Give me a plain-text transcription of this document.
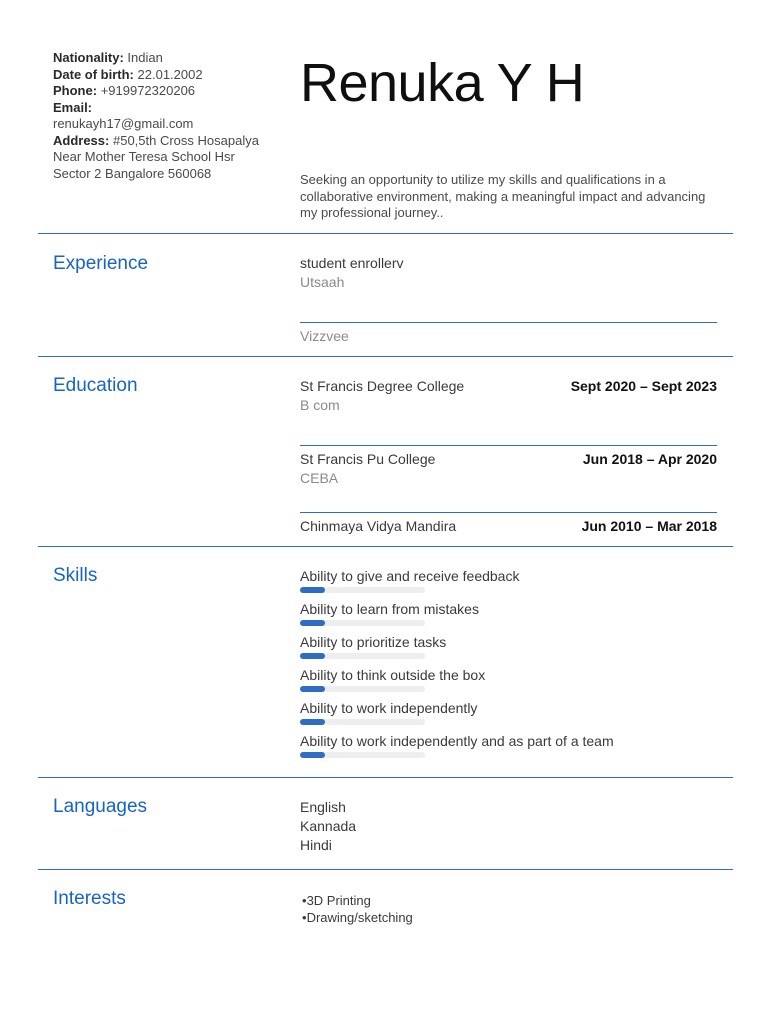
Nationality: Indian
Date of birth: 22.01.2002
Phone: +919972320206
Email:
renukayh17@gmail.com
Address: #50,5th Cross Hosapalya Near Mother Teresa School Hsr Sector 2 Bangalore 560068
Renuka Y H
Seeking an opportunity to utilize my skills and qualifications in a collaborative environment, making a meaningful impact and advancing my professional journey..
Experience	student enrollerv
Utsaah
Vizzvee
Education	St Francis Degree College	Sept 2020 – Sept 2023
B com
St Francis Pu College	Jun 2018 – Apr 2020
CEBA
Chinmaya Vidya Mandira	Jun 2010 – Mar 2018
Skills	Ability to give and receive feedback
Ability to learn from mistakes
Ability to prioritize tasks
Ability to think outside the box
Ability to work independently
Ability to work independently and as part of a team
Languages	English
Kannada
Hindi
Interests
•	3D Printing
• Drawing/sketching
